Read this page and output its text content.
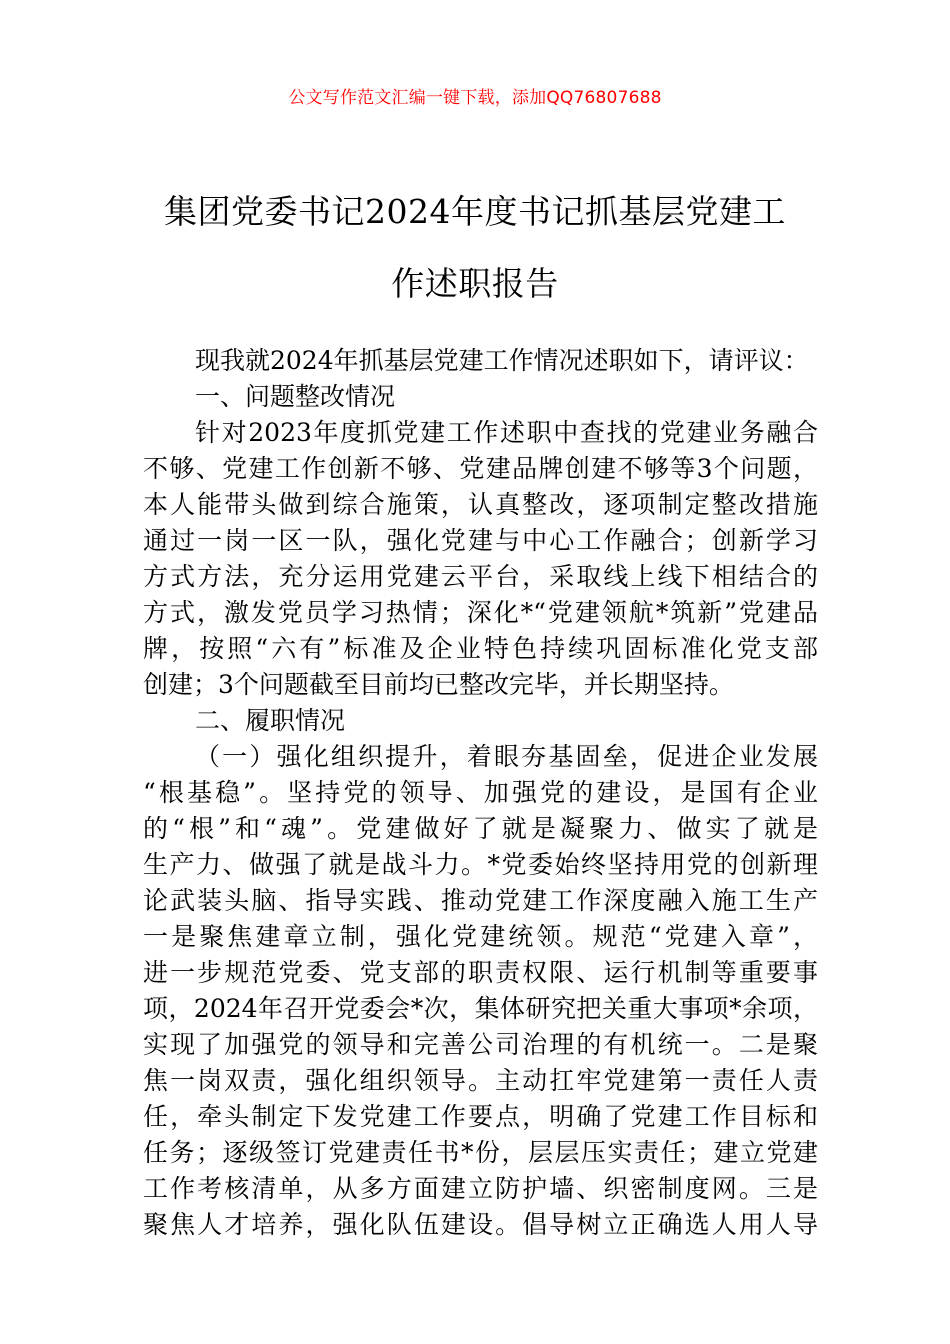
公文写作范文汇编一键下载，添加QQ76807688
集团党委书记2024年度书记抓基层党建工
作述职报告
现我就2024年抓基层党建工作情况述职如下，请评议：
一、问题整改情况
针对2023年度抓党建工作述职中查找的党建业务融合
不够、党建工作创新不够、党建品牌创建不够等3个问题，
本人能带头做到综合施策，认真整改，逐项制定整改措施
通过一岗一区一队，强化党建与中心工作融合；创新学习
方式方法，充分运用党建云平台，采取线上线下相结合的
方式，激发党员学习热情；深化*“党建领航*筑新”党建品
牌，按照“六有”标准及企业特色持续巩固标准化党支部
创建；3个问题截至目前均已整改完毕，并长期坚持。
二、履职情况
（一）强化组织提升，着眼夯基固垒，促进企业发展
“根基稳”。坚持党的领导、加强党的建设，是国有企业
的“根”和“魂”。党建做好了就是凝聚力、做实了就是
生产力、做强了就是战斗力。*党委始终坚持用党的创新理
论武装头脑、指导实践、推动党建工作深度融入施工生产
一是聚焦建章立制，强化党建统领。规范“党建入章”，
进一步规范党委、党支部的职责权限、运行机制等重要事
项，2024年召开党委会*次，集体研究把关重大事项*余项，
实现了加强党的领导和完善公司治理的有机统一。二是聚
焦一岗双责，强化组织领导。主动扛牢党建第一责任人责
任，牵头制定下发党建工作要点，明确了党建工作目标和
任务；逐级签订党建责任书*份，层层压实责任；建立党建
工作考核清单，从多方面建立防护墙、织密制度网。三是
聚焦人才培养，强化队伍建设。倡导树立正确选人用人导
